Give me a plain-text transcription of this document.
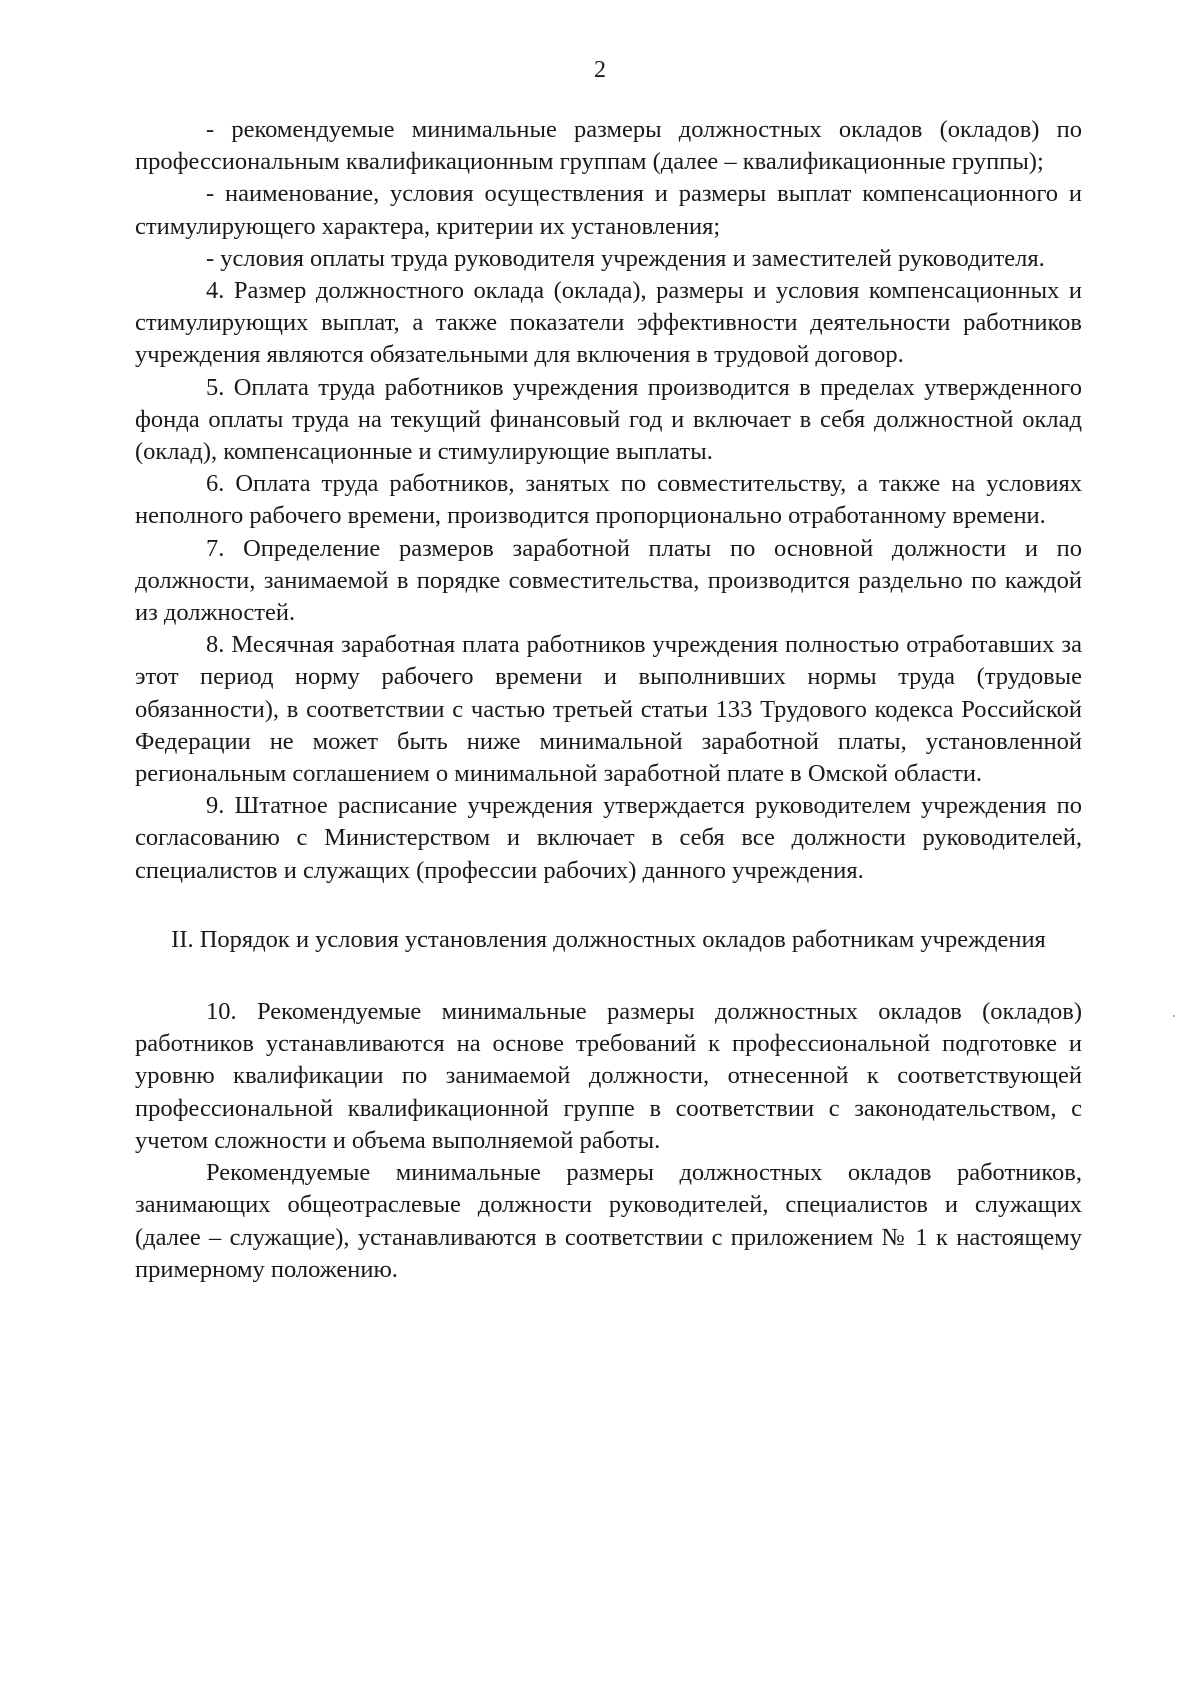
2

- рекомендуемые минимальные размеры должностных окладов (окладов) по профессиональным квалификационным группам (далее – квалификационные группы);

- наименование, условия осуществления и размеры выплат компенсационного и стимулирующего характера, критерии их установления;

- условия оплаты труда руководителя учреждения и заместителей руководителя.

4. Размер должностного оклада (оклада), размеры и условия компенсационных и стимулирующих выплат, а также показатели эффективности деятельности работников учреждения являются обязательными для включения в трудовой договор.

5. Оплата труда работников учреждения производится в пределах утвержденного фонда оплаты труда на текущий финансовый год и включает в себя должностной оклад (оклад), компенсационные и стимулирующие выплаты.

6. Оплата труда работников, занятых по совместительству, а также на условиях неполного рабочего времени, производится пропорционально отработанному времени.

7. Определение размеров заработной платы по основной должности и по должности, занимаемой в порядке совместительства, производится раздельно по каждой из должностей.

8. Месячная заработная плата работников учреждения полностью отработавших за этот период норму рабочего времени и выполнивших нормы труда (трудовые обязанности), в соответствии с частью третьей статьи 133 Трудового кодекса Российской Федерации не может быть ниже минимальной заработной платы, установленной региональным соглашением о минимальной заработной плате в Омской области.

9. Штатное расписание учреждения утверждается руководителем учреждения по согласованию с Министерством и включает в себя все должности руководителей, специалистов и служащих (профессии рабочих) данного учреждения.

II. Порядок и условия установления должностных окладов работникам учреждения

10. Рекомендуемые минимальные размеры должностных окладов (окладов) работников устанавливаются на основе требований к профессиональной подготовке и уровню квалификации по занимаемой должности, отнесенной к соответствующей профессиональной квалификационной группе в соответствии с законодательством, с учетом сложности и объема выполняемой работы.

Рекомендуемые минимальные размеры должностных окладов работников, занимающих общеотраслевые должности руководителей, специалистов и служащих (далее – служащие), устанавливаются в соответствии с приложением № 1 к настоящему примерному положению.
